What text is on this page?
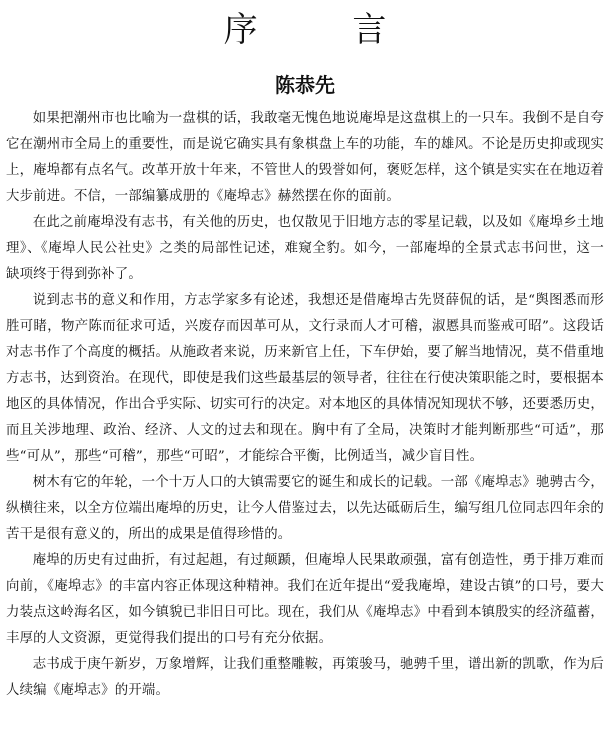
序 言
陈恭先

如果把潮州市也比喻为一盘棋的话，我敢毫无愧色地说庵埠是这盘棋上的一只车。我倒不是自夸它在潮州市全局上的重要性，而是说它确实具有象棋盘上车的功能，车的雄风。不论是历史抑或现实上，庵埠都有点名气。改革开放十年来，不管世人的毁誉如何，褒贬怎样，这个镇是实实在在地迈着大步前进。不信，一部编纂成册的《庵埠志》赫然摆在你的面前。

在此之前庵埠没有志书，有关他的历史，也仅散见于旧地方志的零星记载，以及如《庵埠乡土地理》、《庵埠人民公社史》之类的局部性记述，难窥全豹。如今，一部庵埠的全景式志书问世，这一缺项终于得到弥补了。

说到志书的意义和作用，方志学家多有论述，我想还是借庵埠古先贤薛侃的话，是“舆图悉而形胜可睹，物产陈而征求可适，兴废存而因革可从，文行录而人才可稽，淑慝具而鉴戒可昭”。这段话对志书作了个高度的概括。从施政者来说，历来新官上任，下车伊始，要了解当地情况，莫不借重地方志书，达到资治。在现代，即使是我们这些最基层的领导者，往往在行使决策职能之时，要根据本地区的具体情况，作出合乎实际、切实可行的决定。对本地区的具体情况知现状不够，还要悉历史，而且关涉地理、政治、经济、人文的过去和现在。胸中有了全局，决策时才能判断那些“可适”，那些“可从”，那些“可稽”，那些“可昭”，才能综合平衡，比例适当，减少盲目性。

树木有它的年轮，一个十万人口的大镇需要它的诞生和成长的记载。一部《庵埠志》驰骋古今，纵横往来，以全方位端出庵埠的历史，让今人借鉴过去，以先达砥砺后生，编写组几位同志四年余的苦干是很有意义的，所出的成果是值得珍惜的。

庵埠的历史有过曲折，有过起趄，有过颠踬，但庵埠人民果敢顽强，富有创造性，勇于排万难而向前，《庵埠志》的丰富内容正体现这种精神。我们在近年提出“爱我庵埠，建设古镇”的口号，要大力装点这岭海名区，如今镇貌已非旧日可比。现在，我们从《庵埠志》中看到本镇殷实的经济蕴蓄，丰厚的人文资源，更觉得我们提出的口号有充分依据。

志书成于庚午新岁，万象增辉，让我们重整雕鞍，再策骏马，驰骋千里，谱出新的凯歌，作为后人续编《庵埠志》的开端。
